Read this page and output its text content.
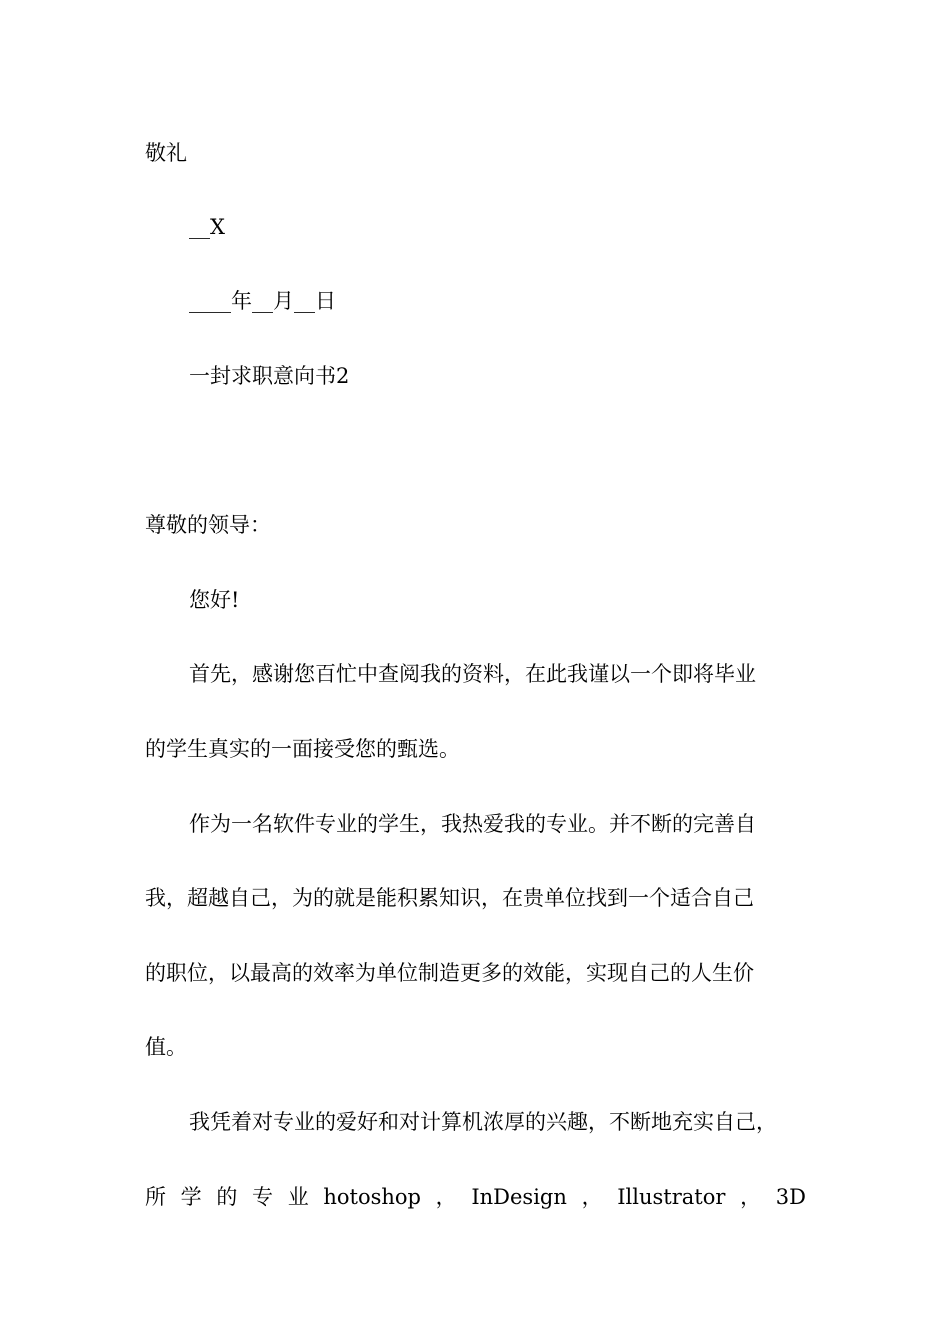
敬礼
__X
____年__月__日
一封求职意向书2
尊敬的领导：
您好!
首先，感谢您百忙中查阅我的资料，在此我谨以一个即将毕业
的学生真实的一面接受您的甄选。
作为一名软件专业的学生，我热爱我的专业。并不断的完善自
我，超越自己，为的就是能积累知识，在贵单位找到一个适合自己
的职位，以最高的效率为单位制造更多的效能，实现自己的人生价
值。
我凭着对专业的爱好和对计算机浓厚的兴趣，不断地充实自己，
所 学 的 专 业 hotoshop ， InDesign ， Illustrator ， 3D
